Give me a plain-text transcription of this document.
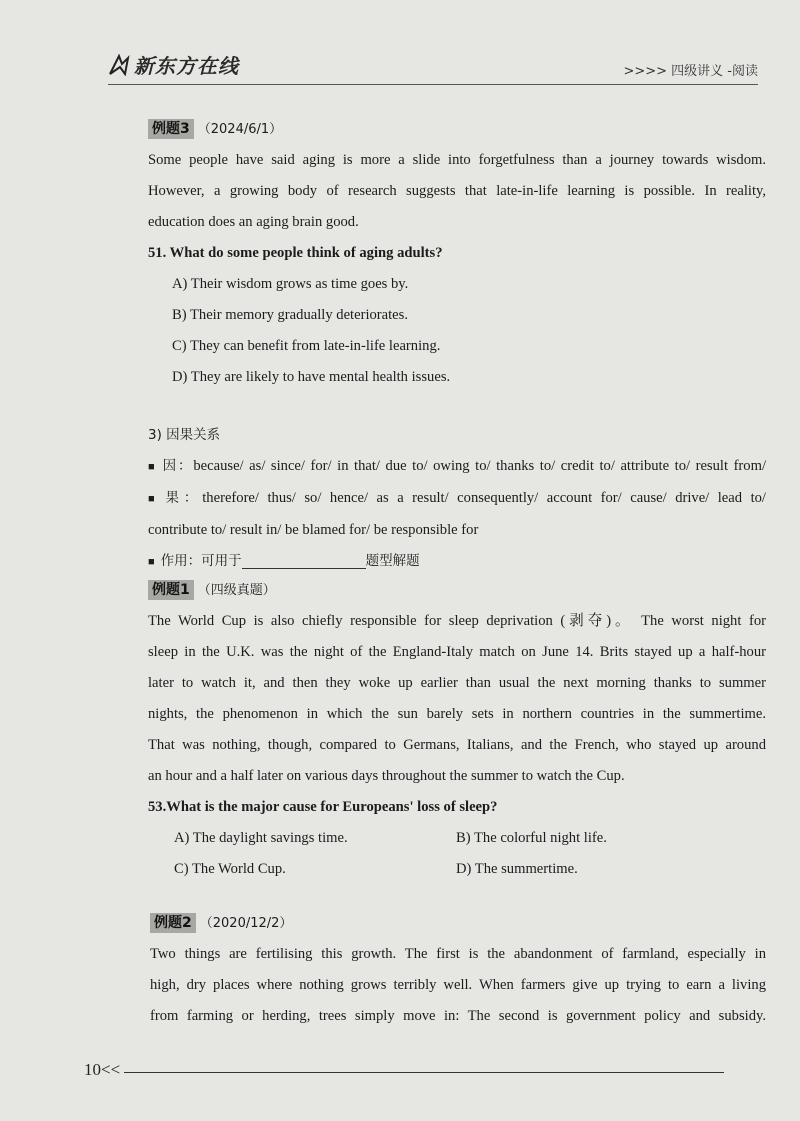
新东方在线	>>>> 四级讲义 -阅读
例题3 （2024/6/1）

Some people have said aging is more a slide into forgetfulness than a journey towards wisdom.

However, a growing body of research suggests that late-in-life learning is possible. In reality,

education does an aging brain good.

51. What do some people think of aging adults?

A) Their wisdom grows as time goes by.

B) Their memory gradually deteriorates.

C) They can benefit from late-in-life learning.

D) They are likely to have mental health issues.

3) 因果关系

■ 因：because/ as/ since/ for/ in that/ due to/ owing to/ thanks to/ credit to/ attribute to/ result from/

■ 果：therefore/ thus/ so/ hence/ as a result/ consequently/ account for/ cause/ drive/ lead to/

contribute to/ result in/ be blamed for/ be responsible for

■ 作用：可用于	题型解题

例题1 （四级真题）

The World Cup is also chiefly responsible for sleep deprivation (剥夺)。 The worst night for

sleep in the U.K. was the night of the England-Italy match on June 14. Brits stayed up a half-hour

later to watch it, and then they woke up earlier than usual the next morning thanks to summer

nights, the phenomenon in which the sun barely sets in northern countries in the summertime.

That was nothing, though, compared to Germans, Italians, and the French, who stayed up around

an hour and a half later on various days throughout the summer to watch the Cup.

53.What is the major cause for Europeans' loss of sleep?

A) The daylight savings time.	B) The colorful night life.
C) The World Cup.	D) The summertime.
例题2 （2020/12/2）

Two things are fertilising this growth. The first is the abandonment of farmland, especially in

high, dry places where nothing grows terribly well. When farmers give up trying to earn a living

from farming or herding, trees simply move in: The second is government policy and subsidy.

10<<
